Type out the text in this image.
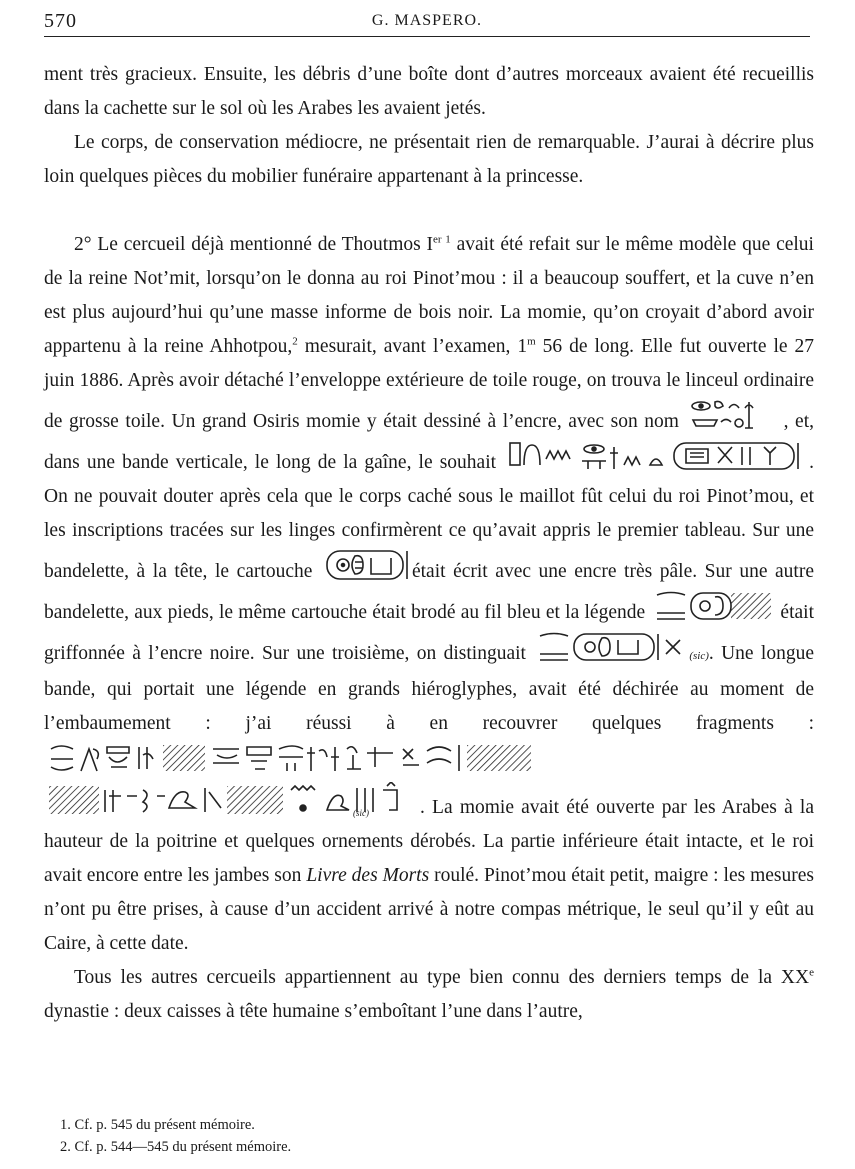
570	G. MASPERO.

ment très gracieux. Ensuite, les débris d’une boîte dont d’autres morceaux avaient été recueillis dans la cachette sur le sol où les Arabes les avaient jetés.

Le corps, de conservation médiocre, ne présentait rien de remarquable. J’aurai à décrire plus loin quelques pièces du mobilier funéraire appartenant à la princesse.

2° Le cercueil déjà mentionné de Thoutmos $I^{er 1}$ avait été refait sur le même modèle que celui de la reine Not’mit, lorsqu’on le donna au roi Pinot’mou : il a beaucoup souffert, et la cuve n’en est plus aujourd’hui qu’une masse informe de bois noir. La momie, qu’on croyait d’abord avoir appartenu à la reine Ahhotpou,$^2$ mesurait, avant l’examen, 1$^m$ 56 de long. Elle fut ouverte le 27 juin 1886. Après avoir détaché l’enveloppe extérieure de toile rouge, on trouva le linceul ordinaire de grosse toile. Un grand Osiris momie y était dessiné à l’encre, avec son nom	, et, dans une bande verticale, le long de la gaîne, le souhait	. On ne pouvait douter après cela que le corps caché sous le maillot fût celui du roi Pinot’mou, et les inscriptions tracées sur les linges confirmèrent ce qu’avait appris le premier tableau. Sur une bandelette, à la tête, le cartouche	était écrit avec une encre très pâle. Sur une autre bandelette, aux pieds, le même cartouche était brodé au fil bleu et la légende	était griffonnée à l’encre noire. Sur une troisième, on distinguait	(sic). Une longue bande, qui portait une légende en grands hiéroglyphes, avait été déchirée au moment de l’embaumement : j’ai réussi à en recouvrer quelques fragments :

(sic)	. La momie avait été ouverte par les Arabes à la hauteur de la poitrine et quelques ornements dérobés. La partie inférieure était intacte, et le roi avait encore entre les jambes son Livre des Morts roulé. Pinot’mou était petit, maigre : les mesures n’ont pu être prises, à cause d’un accident arrivé à notre compas métrique, le seul qu’il y eût au Caire, à cette date.

Tous les autres cercueils appartiennent au type bien connu des derniers temps de la XXe dynastie : deux caisses à tête humaine s’emboîtant l’une dans l’autre,

1. Cf. p. 545 du présent mémoire.
2. Cf. p. 544—545 du présent mémoire.
